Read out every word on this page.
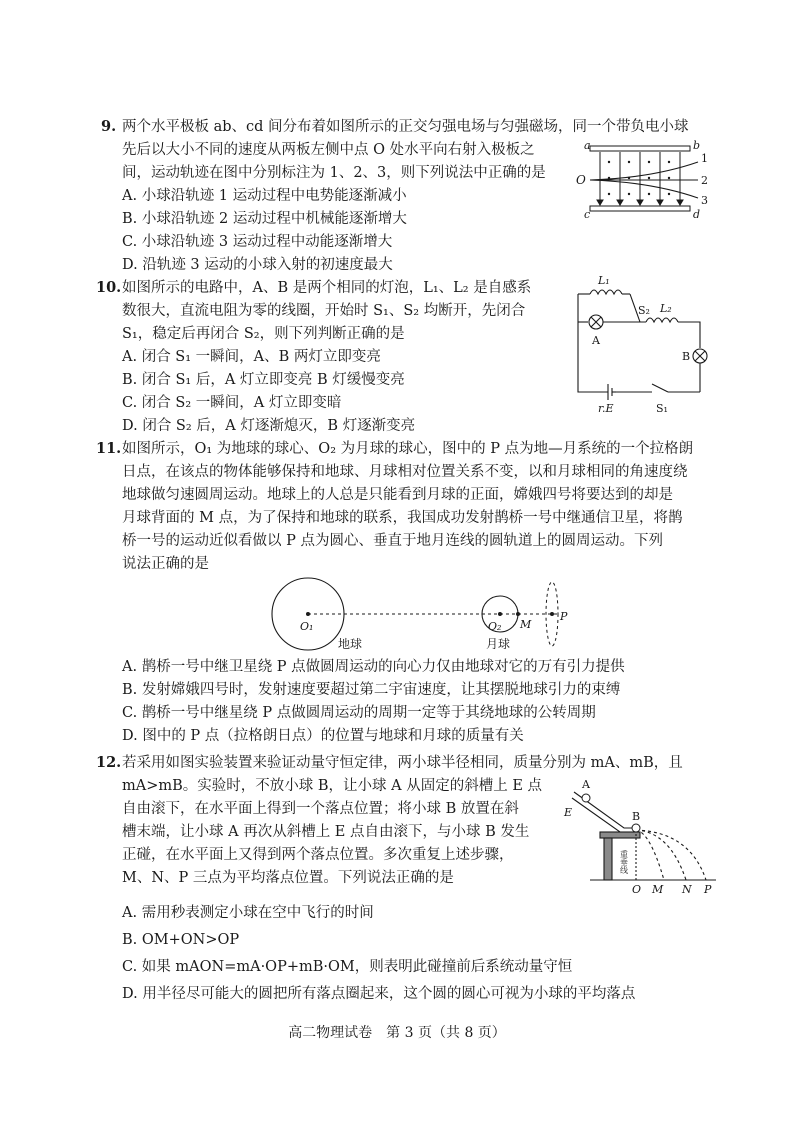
9. 两个水平极板 ab、cd 间分布着如图所示的正交匀强电场与匀强磁场，同一个带负电小球
先后以大小不同的速度从两板左侧中点 O 处水平向右射入极板之
间，运动轨迹在图中分别标注为 1、2、3，则下列说法中正确的是
A. 小球沿轨迹 1 运动过程中电势能逐渐减小
B. 小球沿轨迹 2 运动过程中机械能逐渐增大
C. 小球沿轨迹 3 运动过程中动能逐渐增大
D. 沿轨迹 3 运动的小球入射的初速度最大
a	b
c	d
O
1
2
3
10. 如图所示的电路中，A、B 是两个相同的灯泡，L₁、L₂ 是自感系
数很大，直流电阻为零的线圈，开始时 S₁、S₂ 均断开，先闭合
S₁，稳定后再闭合 S₂，则下列判断正确的是
A. 闭合 S₁ 一瞬间，A、B 两灯立即变亮
B. 闭合 S₁ 后，A 灯立即变亮 B 灯缓慢变亮
C. 闭合 S₂ 一瞬间，A 灯立即变暗
D. 闭合 S₂ 后，A 灯逐渐熄灭，B 灯逐渐变亮
L₁
L₂
S₂
A
B
r.E	S₁
11. 如图所示，O₁ 为地球的球心、O₂ 为月球的球心，图中的 P 点为地—月系统的一个拉格朗
日点，在该点的物体能够保持和地球、月球相对位置关系不变，以和月球相同的角速度绕
地球做匀速圆周运动。地球上的人总是只能看到月球的正面，嫦娥四号将要达到的却是
月球背面的 M 点，为了保持和地球的联系，我国成功发射鹊桥一号中继通信卫星，将鹊
桥一号的运动近似看做以 P 点为圆心、垂直于地月连线的圆轨道上的圆周运动。下列
说法正确的是
O₁	O₂ M
P
地球	月球
A. 鹊桥一号中继卫星绕 P 点做圆周运动的向心力仅由地球对它的万有引力提供
B. 发射嫦娥四号时，发射速度要超过第二宇宙速度，让其摆脱地球引力的束缚
C. 鹊桥一号中继星绕 P 点做圆周运动的周期一定等于其绕地球的公转周期
D. 图中的 P 点（拉格朗日点）的位置与地球和月球的质量有关
12. 若采用如图实验装置来验证动量守恒定律，两小球半径相同，质量分别为 mA、mB，且
mA>mB。实验时，不放小球 B，让小球 A 从固定的斜槽上 E 点
自由滚下，在水平面上得到一个落点位置；将小球 B 放置在斜
槽末端，让小球 A 再次从斜槽上 E 点自由滚下，与小球 B 发生
正碰，在水平面上又得到两个落点位置。多次重复上述步骤，
M、N、P 三点为平均落点位置。下列说法正确的是
A. 需用秒表测定小球在空中飞行的时间
B. OM+ON>OP
C. 如果 mAON=mA·OP+mB·OM，则表明此碰撞前后系统动量守恒
D. 用半径尽可能大的圆把所有落点圈起来，这个圆的圆心可视为小球的平均落点
A
E	B
重垂线
O M N P
高二物理试卷　第 3 页（共 8 页）
